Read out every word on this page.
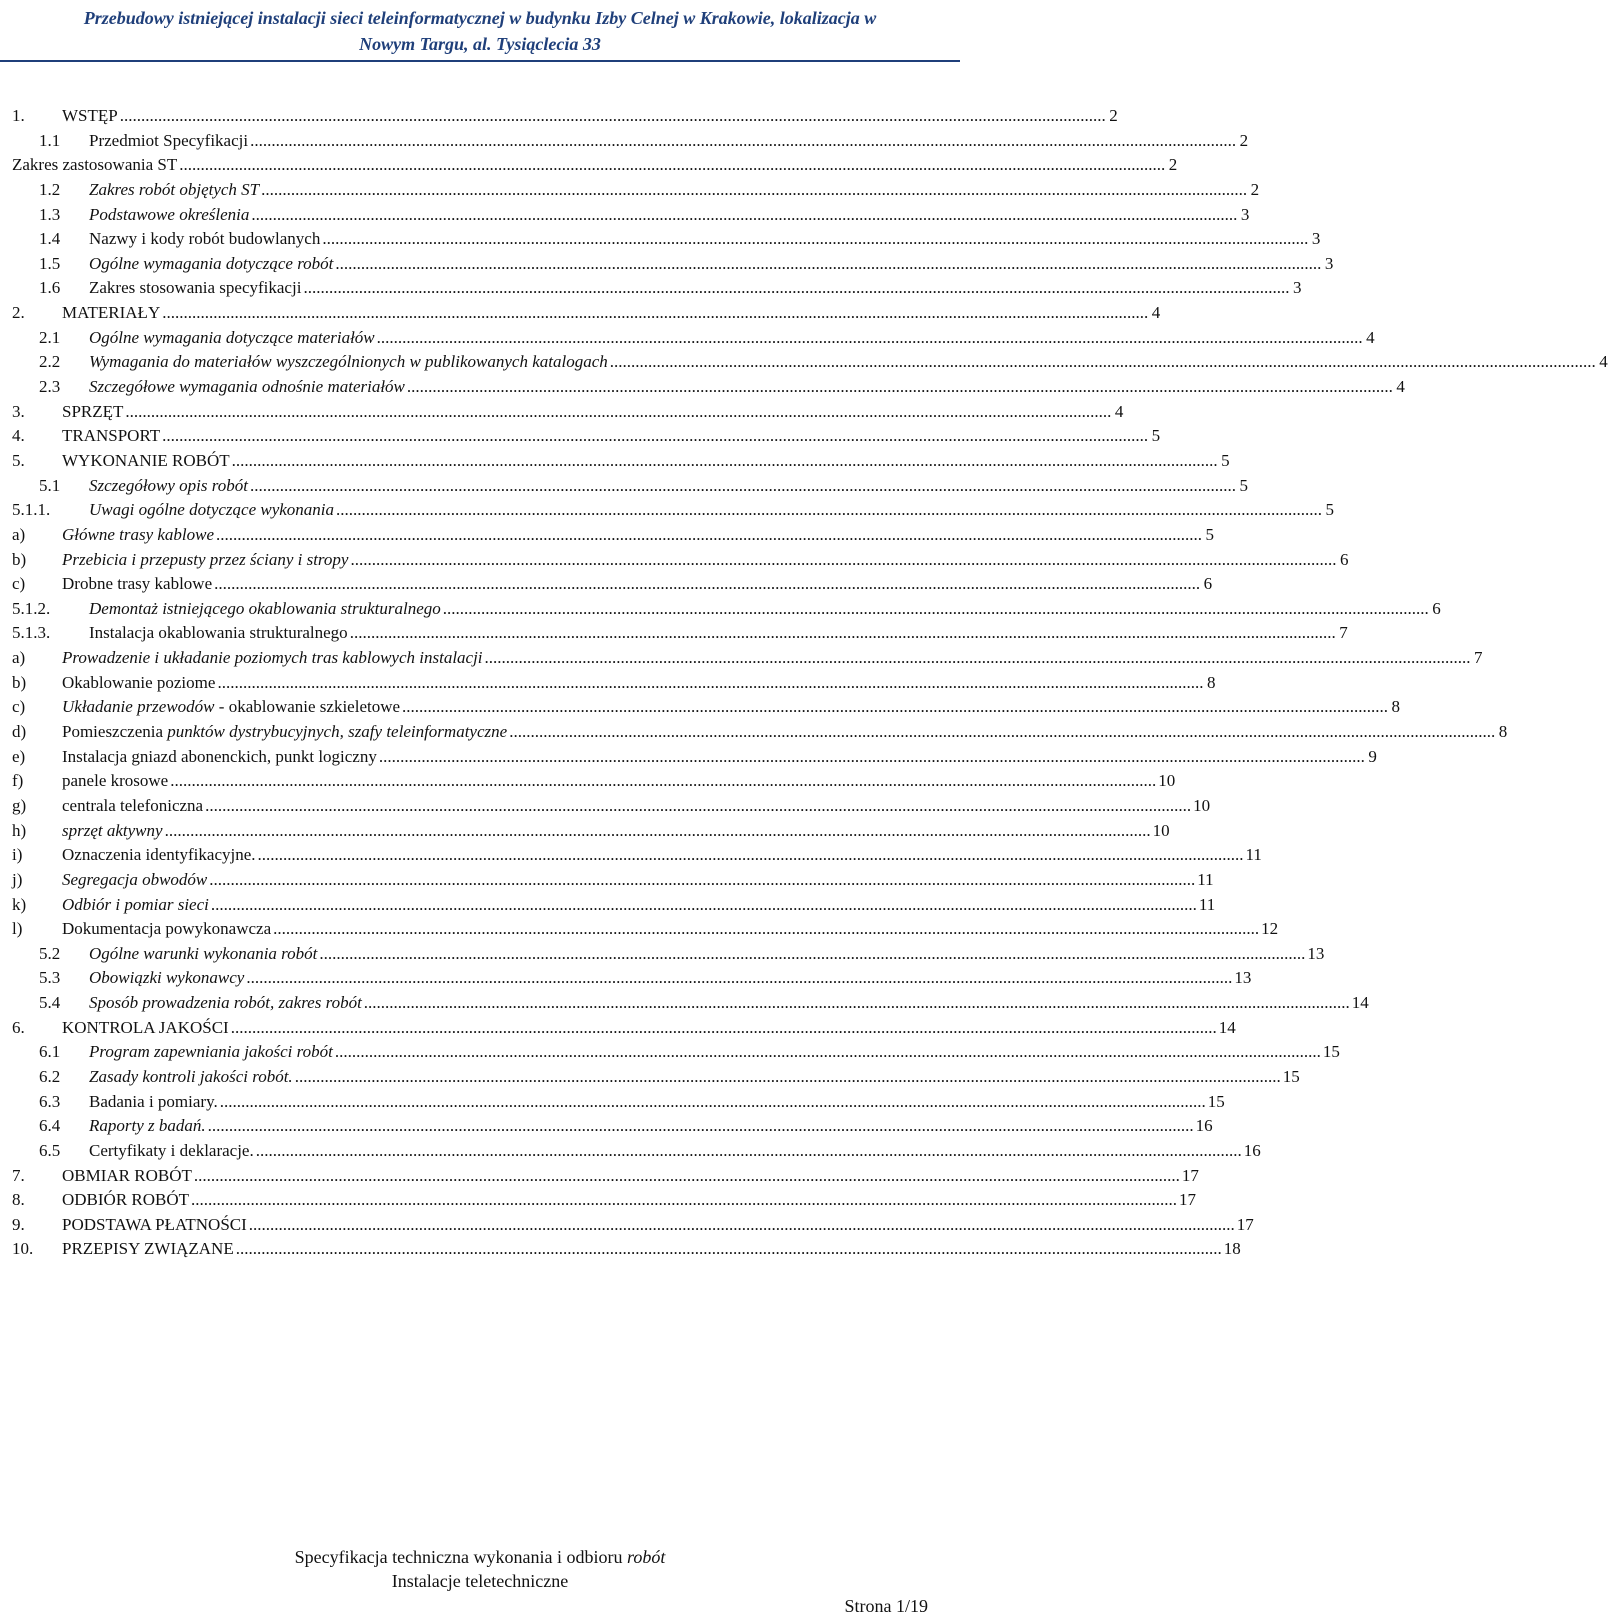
Przebudowy istniejącej instalacji sieci teleinformatycznej w budynku Izby Celnej w Krakowie, lokalizacja w
Nowym Targu, al. Tysiąclecia 33
1.	WSTĘP .....	2
1.1	Przedmiot Specyfikacji .....	2
Zakres zastosowania ST .....	2
1.2	Zakres robót objętych ST .....	2
1.3	Podstawowe określenia .....	3
1.4	Nazwy i kody robót budowlanych .....	3
1.5	Ogólne wymagania dotyczące robót .....	3
1.6	Zakres stosowania specyfikacji .....	3
2.	MATERIAŁY .....	4
2.1	Ogólne wymagania dotyczące materiałów .....	4
2.2	Wymagania do materiałów wyszczególnionych w publikowanych katalogach .....	4
2.3	Szczegółowe wymagania odnośnie materiałów .....	4
3.	SPRZĘT .....	4
4.	TRANSPORT .....	5
5.	WYKONANIE ROBÓT .....	5
5.1	Szczegółowy opis robót .....	5
5.1.1.	Uwagi ogólne dotyczące wykonania .....	5
a)	Główne trasy kablowe .....	5
b)	Przebicia i przepusty przez ściany i stropy .....	6
c)	Drobne trasy kablowe .....	6
5.1.2.	Demontaż istniejącego okablowania strukturalnego .....	6
5.1.3.	Instalacja okablowania strukturalnego .....	7
a)	Prowadzenie i układanie poziomych tras kablowych instalacji .....	7
b)	Okablowanie poziome .....	8
c)	Układanie przewodów - okablowanie szkieletowe .....	8
d)	Pomieszczenia punktów dystrybucyjnych, szafy teleinformatyczne .....	8
e)	Instalacja gniazd abonenckich, punkt logiczny .....	9
f)	panele krosowe .....	10
g)	centrala telefoniczna .....	10
h)	sprzęt aktywny .....	10
i)	Oznaczenia identyfikacyjne. .....	11
j)	Segregacja obwodów .....	11
k)	Odbiór i pomiar sieci .....	11
l)	Dokumentacja powykonawcza .....	12
5.2	Ogólne warunki wykonania robót .....	13
5.3	Obowiązki wykonawcy .....	13
5.4	Sposób prowadzenia robót, zakres robót .....	14
6.	KONTROLA JAKOŚCI .....	14
6.1	Program zapewniania jakości robót .....	15
6.2	Zasady kontroli jakości robót. .....	15
6.3	Badania i pomiary. .....	15
6.4	Raporty z badań. .....	16
6.5	Certyfikaty i deklaracje. .....	16
7.	OBMIAR ROBÓT .....	17
8.	ODBIÓR ROBÓT .....	17
9.	PODSTAWA PŁATNOŚCI .....	17
10.	PRZEPISY ZWIĄZANE .....	18
Specyfikacja techniczna wykonania i odbioru robót
Instalacje teletechniczne
Strona 1/19
